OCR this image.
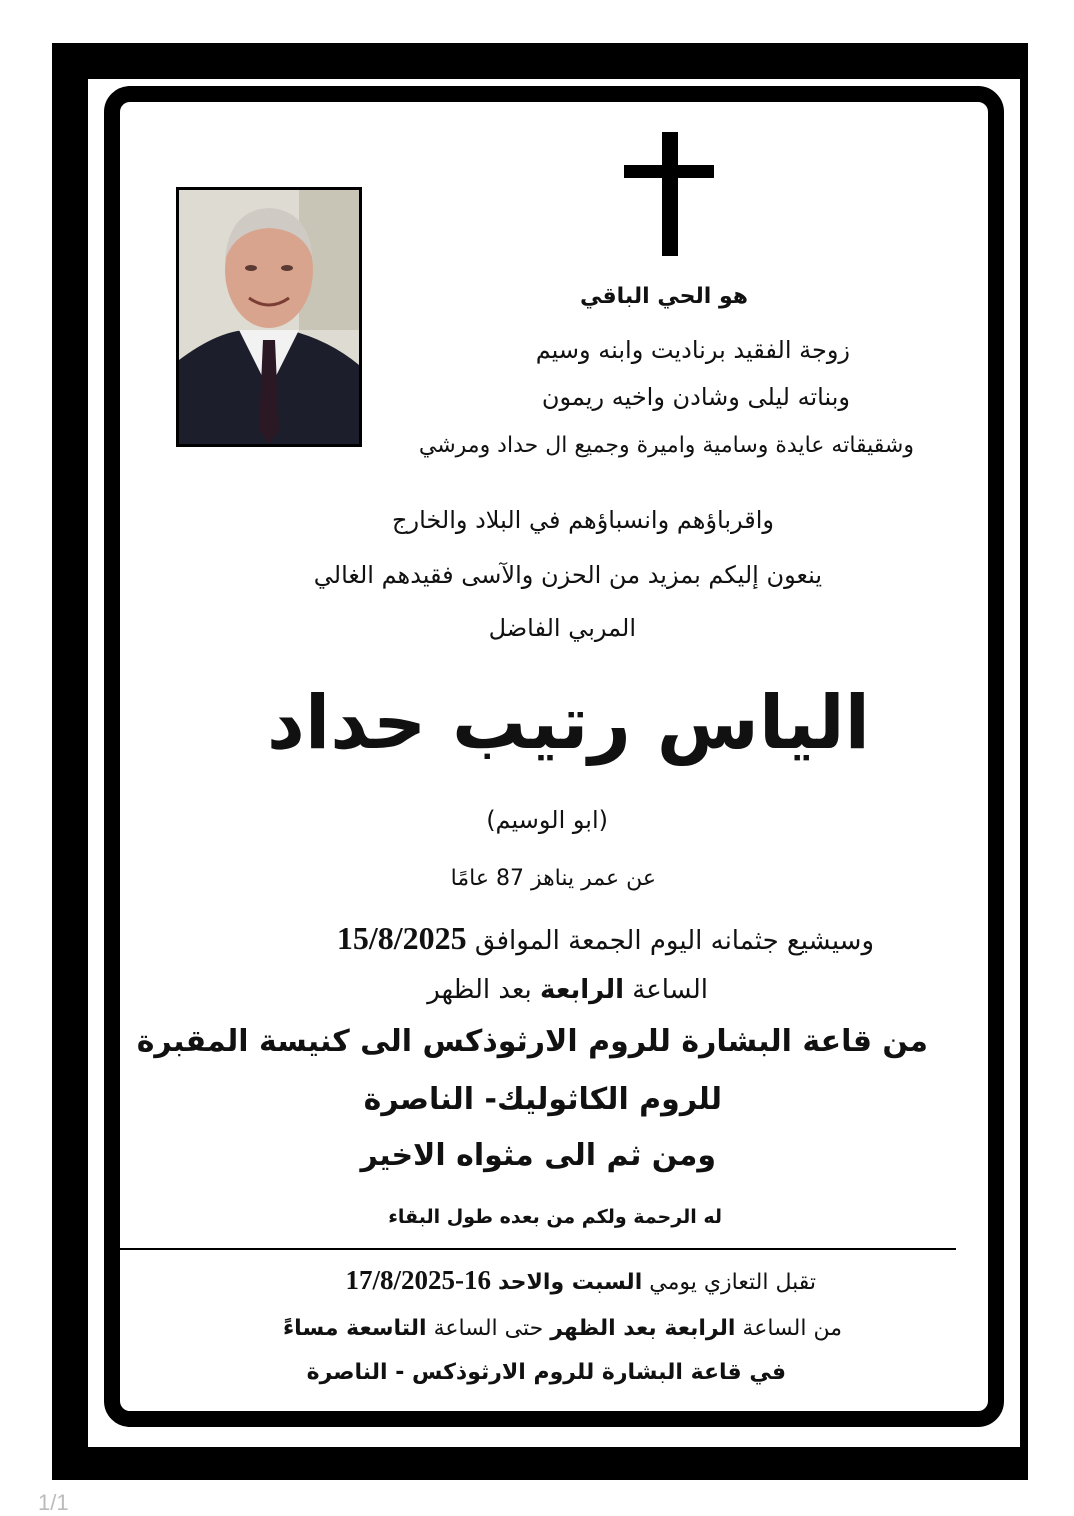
هو الحي الباقي
زوجة الفقيد برناديت وابنه وسيم
وبناته ليلى وشادن واخيه ريمون
وشقيقاته عايدة وسامية واميرة وجميع ال حداد ومرشي
واقرباؤهم وانسباؤهم في البلاد والخارج
ينعون إليكم بمزيد من الحزن والآسى فقيدهم الغالي
المربي الفاضل
الياس رتيب حداد
(ابو الوسيم)
عن عمر يناهز 87 عامًا
وسيشيع جثمانه اليوم الجمعة الموافق 15/8/2025
الساعة الرابعة بعد الظهر
من قاعة البشارة للروم الارثوذكس الى كنيسة المقبرة
للروم الكاثوليك- الناصرة
ومن ثم الى مثواه الاخير
له الرحمة ولكم من بعده طول البقاء
تقبل التعازي يومي السبت والاحد 16-17/8/2025
من الساعة الرابعة بعد الظهر حتى الساعة التاسعة مساءً
في قاعة البشارة للروم الارثوذكس - الناصرة
1/1
